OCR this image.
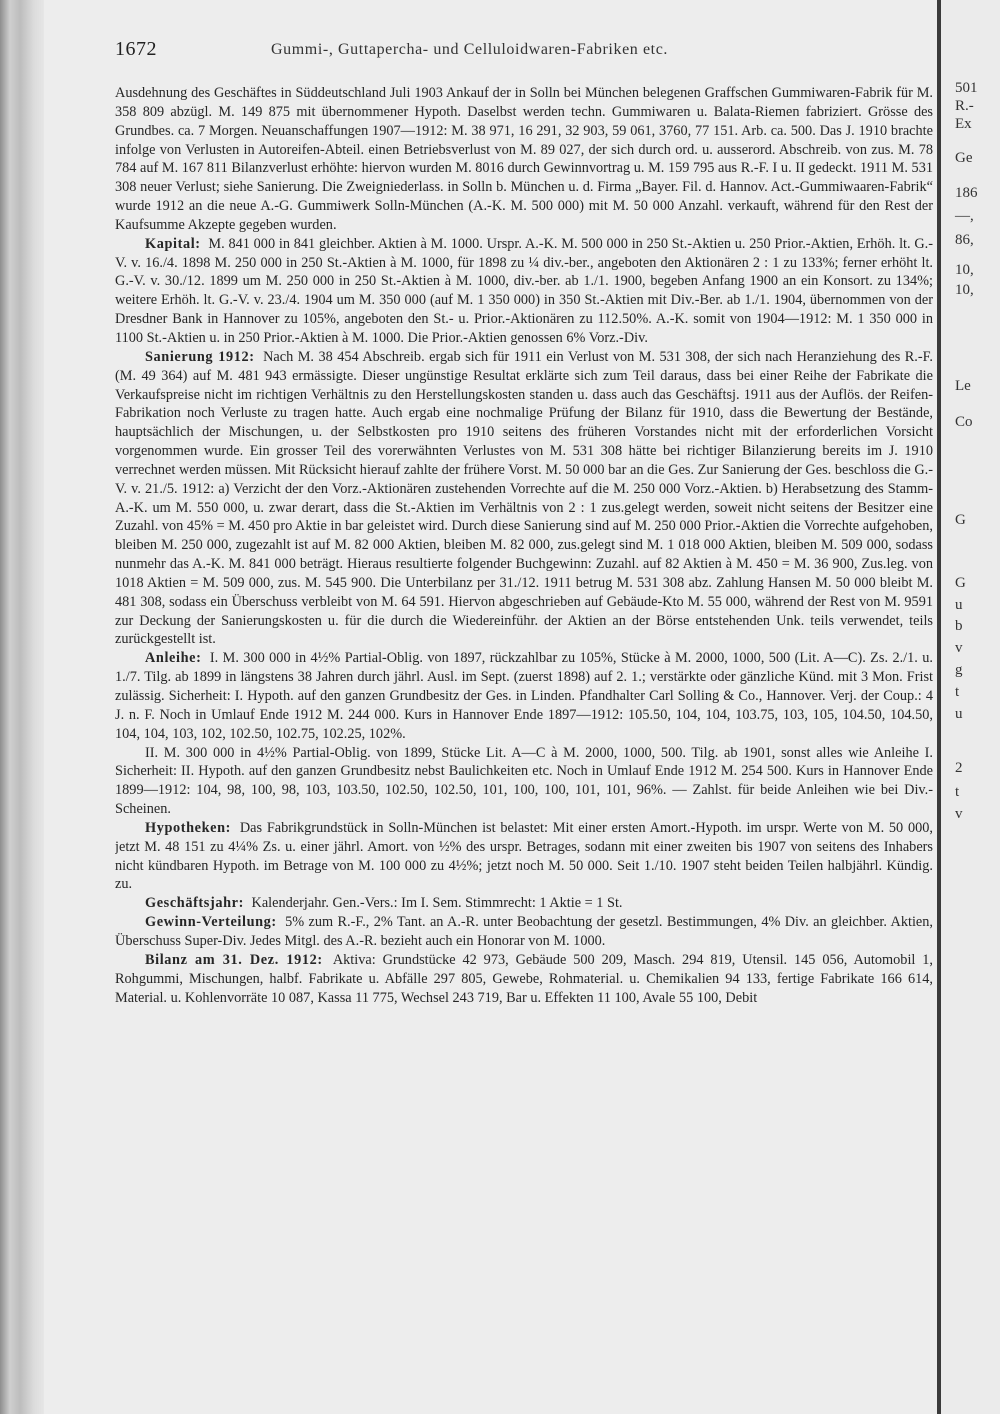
501
R.-
Ex
Ge
186
—,
86,
10,
10,
Le
Co
G
G
u
b
v
g
t
u
2
t
v
1672	Gummi-, Guttapercha- und Celluloidwaren-Fabriken etc.

Ausdehnung des Geschäftes in Süddeutschland Juli 1903 Ankauf der in Solln bei München belegenen Graffschen Gummiwaren-Fabrik für M. 358 809 abzügl. M. 149 875 mit übernommener Hypoth. Daselbst werden techn. Gummiwaren u. Balata-Riemen fabriziert. Grösse des Grundbes. ca. 7 Morgen. Neuanschaffungen 1907—1912: M. 38 971, 16 291, 32 903, 59 061, 3760, 77 151. Arb. ca. 500. Das J. 1910 brachte infolge von Verlusten in Autoreifen-Abteil. einen Betriebsverlust von M. 89 027, der sich durch ord. u. ausserord. Abschreib. von zus. M. 78 784 auf M. 167 811 Bilanzverlust erhöhte: hiervon wurden M. 8016 durch Gewinnvortrag u. M. 159 795 aus R.-F. I u. II gedeckt. 1911 M. 531 308 neuer Verlust; siehe Sanierung. Die Zweigniederlass. in Solln b. München u. d. Firma „Bayer. Fil. d. Hannov. Act.-Gummiwaaren-Fabrik“ wurde 1912 an die neue A.-G. Gummiwerk Solln-München (A.-K. M. 500 000) mit M. 50 000 Anzahl. verkauft, während für den Rest der Kaufsumme Akzepte gegeben wurden.

Kapital: M. 841 000 in 841 gleichber. Aktien à M. 1000. Urspr. A.-K. M. 500 000 in 250 St.-Aktien u. 250 Prior.-Aktien, Erhöh. lt. G.-V. v. 16./4. 1898 M. 250 000 in 250 St.-Aktien à M. 1000, für 1898 zu ¼ div.-ber., angeboten den Aktionären 2 : 1 zu 133%; ferner erhöht lt. G.-V. v. 30./12. 1899 um M. 250 000 in 250 St.-Aktien à M. 1000, div.-ber. ab 1./1. 1900, begeben Anfang 1900 an ein Konsort. zu 134%; weitere Erhöh. lt. G.-V. v. 23./4. 1904 um M. 350 000 (auf M. 1 350 000) in 350 St.-Aktien mit Div.-Ber. ab 1./1. 1904, übernommen von der Dresdner Bank in Hannover zu 105%, angeboten den St.- u. Prior.-Aktionären zu 112.50%. A.-K. somit von 1904—1912: M. 1 350 000 in 1100 St.-Aktien u. in 250 Prior.-Aktien à M. 1000. Die Prior.-Aktien genossen 6% Vorz.-Div.

Sanierung 1912: Nach M. 38 454 Abschreib. ergab sich für 1911 ein Verlust von M. 531 308, der sich nach Heranziehung des R.-F. (M. 49 364) auf M. 481 943 ermässigte. Dieser ungünstige Resultat erklärte sich zum Teil daraus, dass bei einer Reihe der Fabrikate die Verkaufspreise nicht im richtigen Verhältnis zu den Herstellungskosten standen u. dass auch das Geschäftsj. 1911 aus der Auflös. der Reifen-Fabrikation noch Verluste zu tragen hatte. Auch ergab eine nochmalige Prüfung der Bilanz für 1910, dass die Bewertung der Bestände, hauptsächlich der Mischungen, u. der Selbstkosten pro 1910 seitens des früheren Vorstandes nicht mit der erforderlichen Vorsicht vorgenommen wurde. Ein grosser Teil des vorerwähnten Verlustes von M. 531 308 hätte bei richtiger Bilanzierung bereits im J. 1910 verrechnet werden müssen. Mit Rücksicht hierauf zahlte der frühere Vorst. M. 50 000 bar an die Ges. Zur Sanierung der Ges. beschloss die G.-V. v. 21./5. 1912: a) Verzicht der den Vorz.-Aktionären zustehenden Vorrechte auf die M. 250 000 Vorz.-Aktien. b) Herabsetzung des Stamm-A.-K. um M. 550 000, u. zwar derart, dass die St.-Aktien im Verhältnis von 2 : 1 zus.gelegt werden, soweit nicht seitens der Besitzer eine Zuzahl. von 45% = M. 450 pro Aktie in bar geleistet wird. Durch diese Sanierung sind auf M. 250 000 Prior.-Aktien die Vorrechte aufgehoben, bleiben M. 250 000, zugezahlt ist auf M. 82 000 Aktien, bleiben M. 82 000, zus.gelegt sind M. 1 018 000 Aktien, bleiben M. 509 000, sodass nunmehr das A.-K. M. 841 000 beträgt. Hieraus resultierte folgender Buchgewinn: Zuzahl. auf 82 Aktien à M. 450 = M. 36 900, Zus.leg. von 1018 Aktien = M. 509 000, zus. M. 545 900. Die Unterbilanz per 31./12. 1911 betrug M. 531 308 abz. Zahlung Hansen M. 50 000 bleibt M. 481 308, sodass ein Überschuss verbleibt von M. 64 591. Hiervon abgeschrieben auf Gebäude-Kto M. 55 000, während der Rest von M. 9591 zur Deckung der Sanierungskosten u. für die durch die Wiedereinführ. der Aktien an der Börse entstehenden Unk. teils verwendet, teils zurückgestellt ist.

Anleihe: I. M. 300 000 in 4½% Partial-Oblig. von 1897, rückzahlbar zu 105%, Stücke à M. 2000, 1000, 500 (Lit. A—C). Zs. 2./1. u. 1./7. Tilg. ab 1899 in längstens 38 Jahren durch jährl. Ausl. im Sept. (zuerst 1898) auf 2. 1.; verstärkte oder gänzliche Künd. mit 3 Mon. Frist zulässig. Sicherheit: I. Hypoth. auf den ganzen Grundbesitz der Ges. in Linden. Pfandhalter Carl Solling & Co., Hannover. Verj. der Coup.: 4 J. n. F. Noch in Umlauf Ende 1912 M. 244 000. Kurs in Hannover Ende 1897—1912: 105.50, 104, 104, 103.75, 103, 105, 104.50, 104.50, 104, 104, 103, 102, 102.50, 102.75, 102.25, 102%.

II. M. 300 000 in 4½% Partial-Oblig. von 1899, Stücke Lit. A—C à M. 2000, 1000, 500. Tilg. ab 1901, sonst alles wie Anleihe I. Sicherheit: II. Hypoth. auf den ganzen Grundbesitz nebst Baulichkeiten etc. Noch in Umlauf Ende 1912 M. 254 500. Kurs in Hannover Ende 1899—1912: 104, 98, 100, 98, 103, 103.50, 102.50, 102.50, 101, 100, 100, 101, 101, 96%. — Zahlst. für beide Anleihen wie bei Div.-Scheinen.

Hypotheken: Das Fabrikgrundstück in Solln-München ist belastet: Mit einer ersten Amort.-Hypoth. im urspr. Werte von M. 50 000, jetzt M. 48 151 zu 4¼% Zs. u. einer jährl. Amort. von ½% des urspr. Betrages, sodann mit einer zweiten bis 1907 von seitens des Inhabers nicht kündbaren Hypoth. im Betrage von M. 100 000 zu 4½%; jetzt noch M. 50 000. Seit 1./10. 1907 steht beiden Teilen halbjährl. Kündig. zu.

Geschäftsjahr: Kalenderjahr. Gen.-Vers.: Im I. Sem. Stimmrecht: 1 Aktie = 1 St.

Gewinn-Verteilung: 5% zum R.-F., 2% Tant. an A.-R. unter Beobachtung der gesetzl. Bestimmungen, 4% Div. an gleichber. Aktien, Überschuss Super-Div. Jedes Mitgl. des A.-R. bezieht auch ein Honorar von M. 1000.

Bilanz am 31. Dez. 1912: Aktiva: Grundstücke 42 973, Gebäude 500 209, Masch. 294 819, Utensil. 145 056, Automobil 1, Rohgummi, Mischungen, halbf. Fabrikate u. Abfälle 297 805, Gewebe, Rohmaterial. u. Chemikalien 94 133, fertige Fabrikate 166 614, Material. u. Kohlenvorräte 10 087, Kassa 11 775, Wechsel 243 719, Bar u. Effekten 11 100, Avale 55 100, Debit
